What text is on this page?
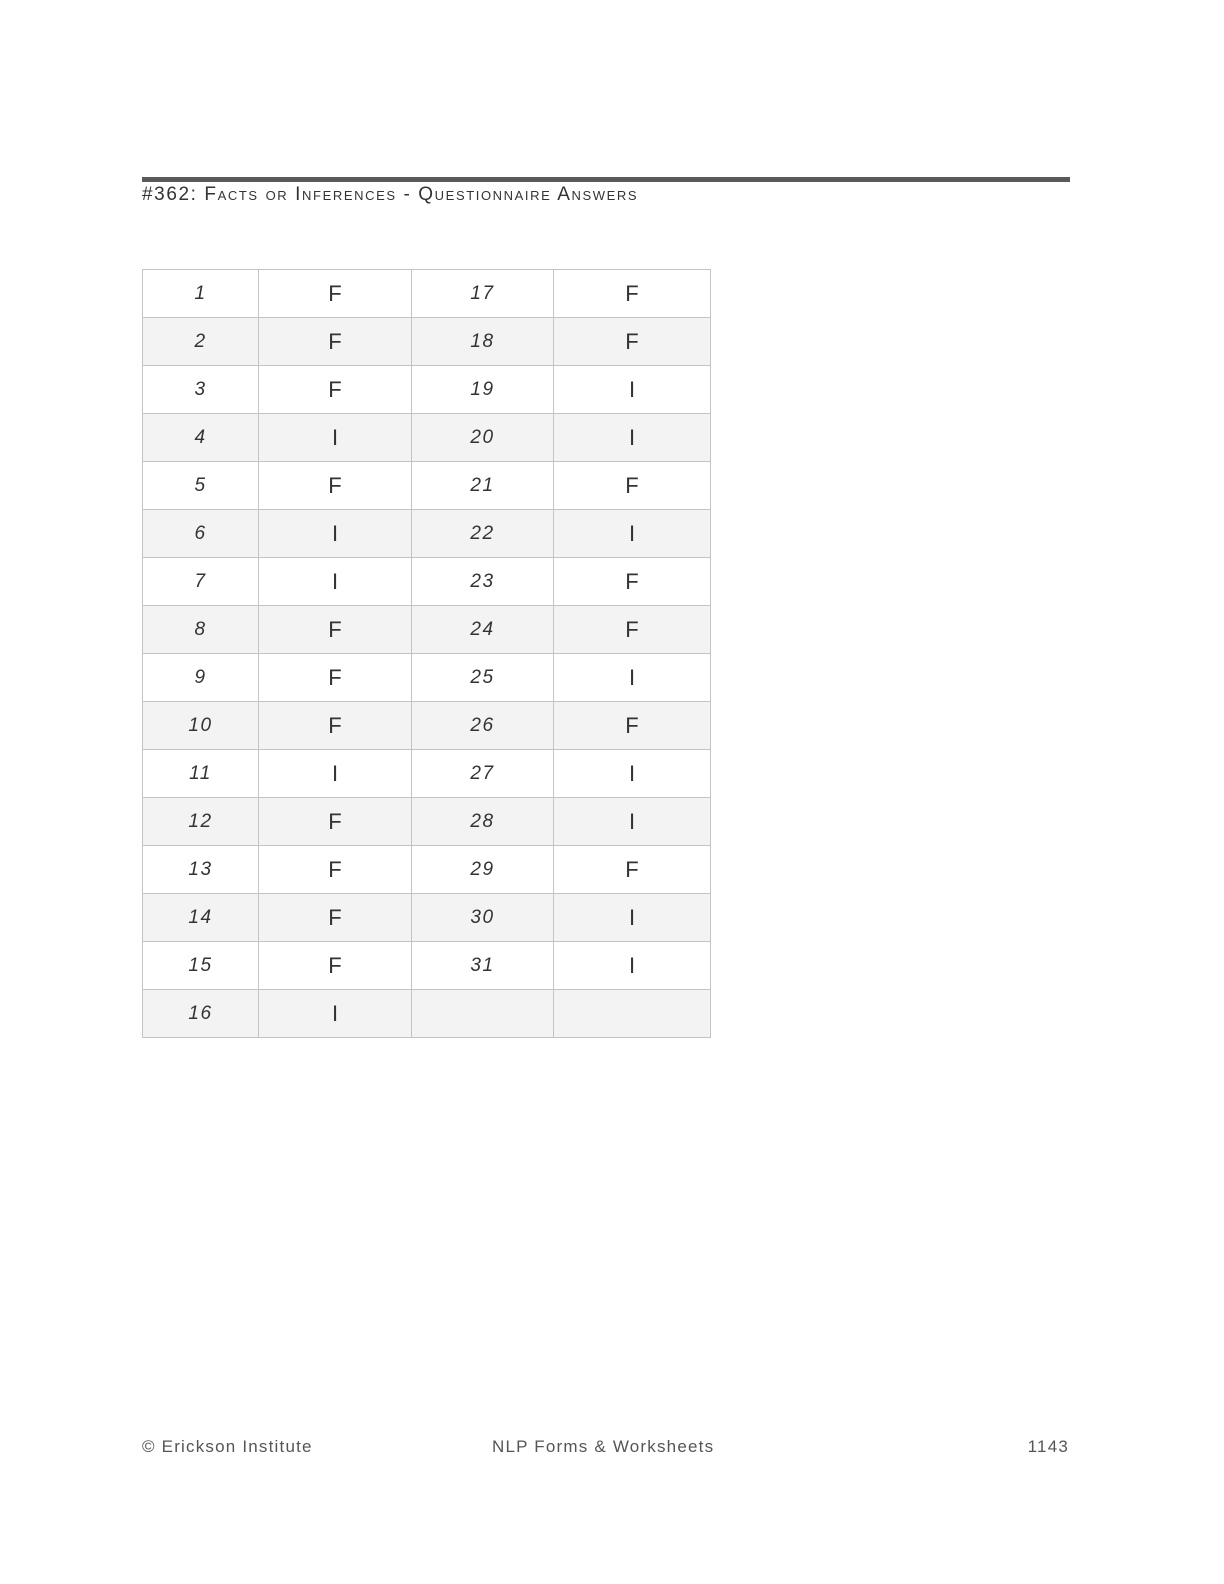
#362: Facts or Inferences - Questionnaire Answers
1	F	17	F
2	F	18	F
3	F	19	I
4	I	20	I
5	F	21	F
6	I	22	I
7	I	23	F
8	F	24	F
9	F	25	I
10	F	26	F
11	I	27	I
12	F	28	I
13	F	29	F
14	F	30	I
15	F	31	I
16	I		
© Erickson Institute	NLP Forms & Worksheets	1143
